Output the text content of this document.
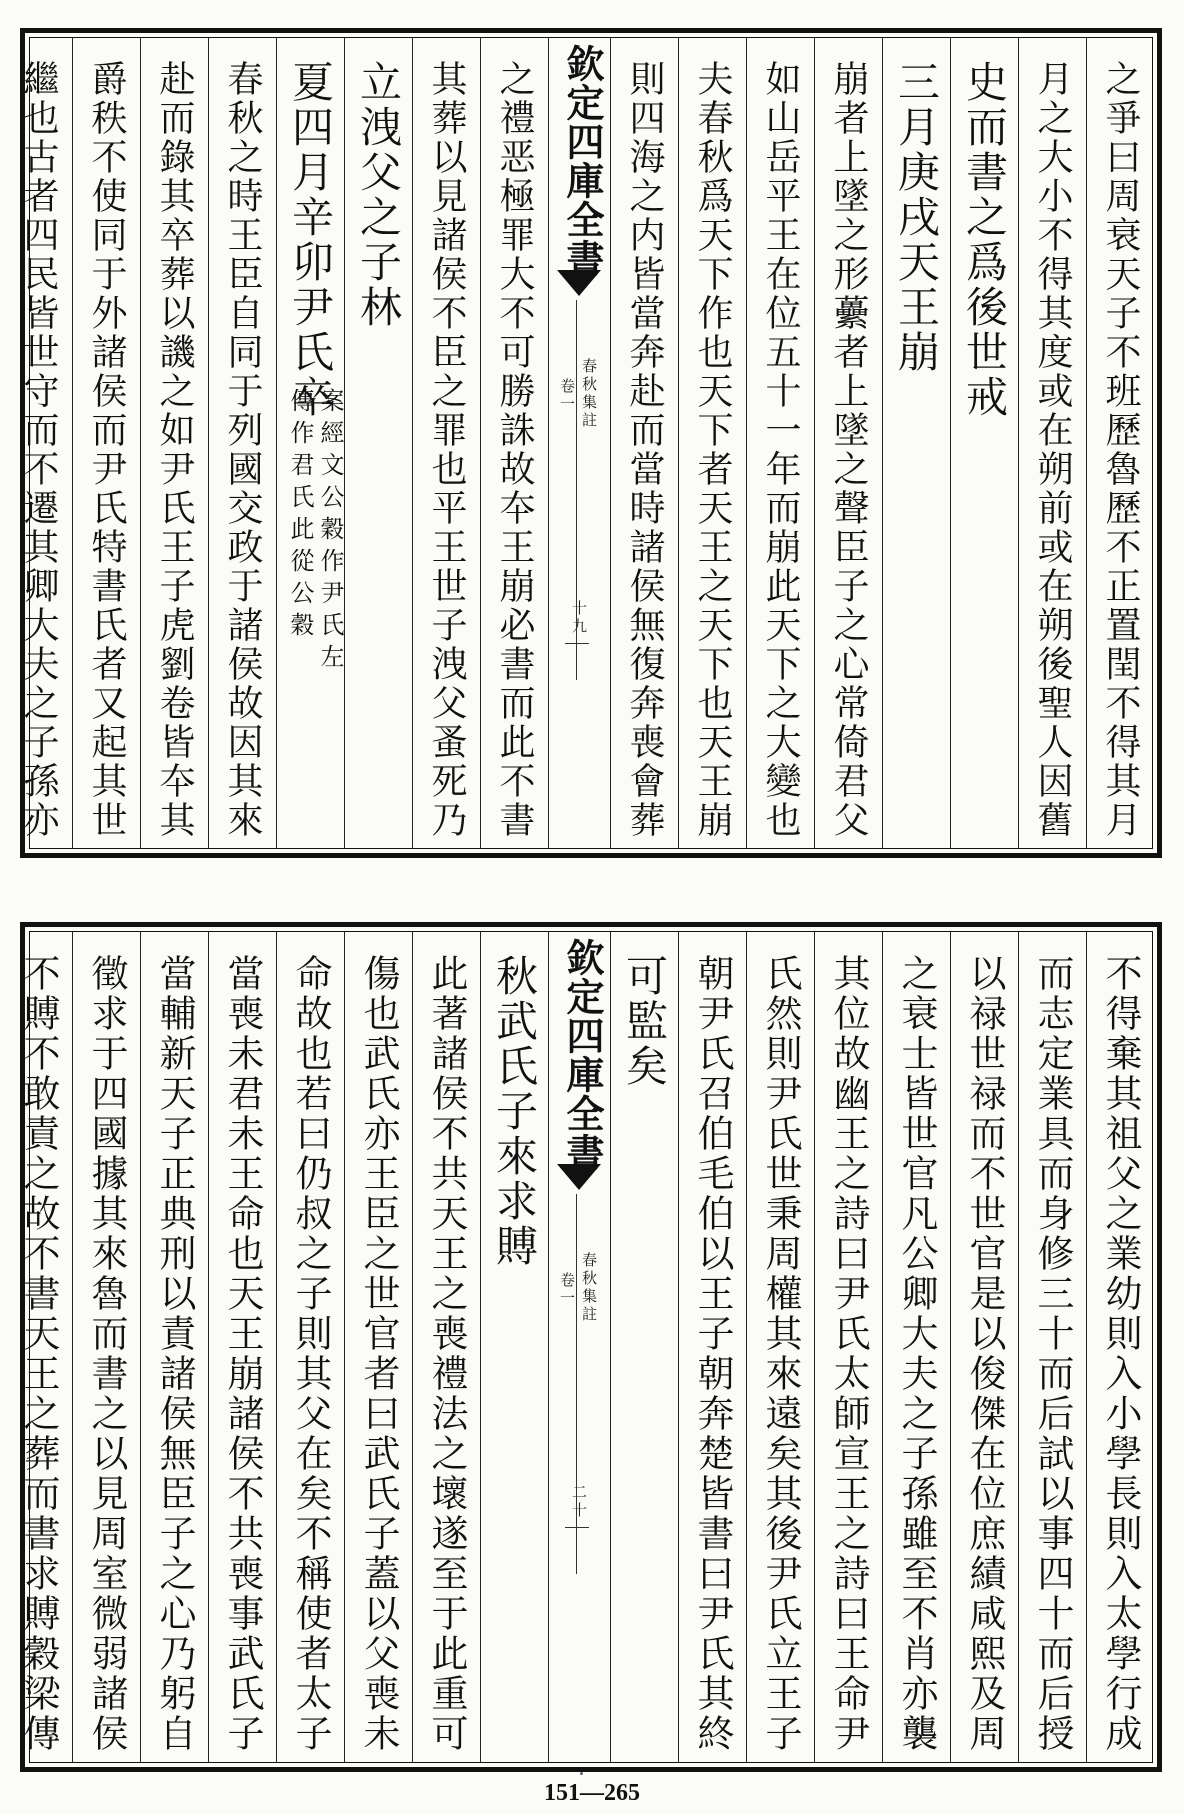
之爭曰周衰天子不班歷魯歷不正置閏不得其月
月之大小不得其度或在朔前或在朔後聖人因舊
史而書之爲後世戒
三月庚戌天王崩
崩者上墜之形虆者上墜之聲臣子之心常倚君父
如山岳平王在位五十一年而崩此天下之大變也
夫春秋爲天下作也天下者天王之天下也天王崩
則四海之内皆當奔赴而當時諸侯無復奔喪會葬
欽定四庫全書
春秋集註
卷一
十九
之禮恶極罪大不可勝誅故夲王崩必書而此不書
其葬以見諸侯不臣之罪也平王世子洩父蚤死乃
立洩父之子林
夏四月辛卯尹氏卒
案經文公穀作尹氏左
傳作君氏此從公穀
春秋之時王臣自同于列國交政于諸侯故因其來
赴而錄其卒葬以譏之如尹氏王子虎劉卷皆夲其
爵秩不使同于外諸侯而尹氏特書氏者又起其世
繼也古者四民皆世守而不遷其卿大夫之子孫亦
不得棄其祖父之業幼則入小學長則入太學行成
而志定業具而身修三十而后試以事四十而后授
以禄世禄而不世官是以俊傑在位庶績咸熙及周
之衰士皆世官凡公卿大夫之子孫雖至不肖亦襲
其位故幽王之詩曰尹氏太師宣王之詩曰王命尹
氏然則尹氏世秉周權其來遠矣其後尹氏立王子
朝尹氏召伯毛伯以王子朝奔楚皆書曰尹氏其終
可監矣
欽定四庫全書
春秋集註
卷一
二十
秋武氏子來求賻
此著諸侯不共天王之喪禮法之壞遂至于此重可
傷也武氏亦王臣之世官者曰武氏子蓋以父喪未
命故也若曰仍叔之子則其父在矣不稱使者太子
當喪未君未王命也天王崩諸侯不共喪事武氏子
當輔新天子正典刑以責諸侯無臣子之心乃躬自
徵求于四國據其來魯而書之以見周室微弱諸侯
不賻不敢責之故不書天王之葬而書求賻穀梁傳
151—265
